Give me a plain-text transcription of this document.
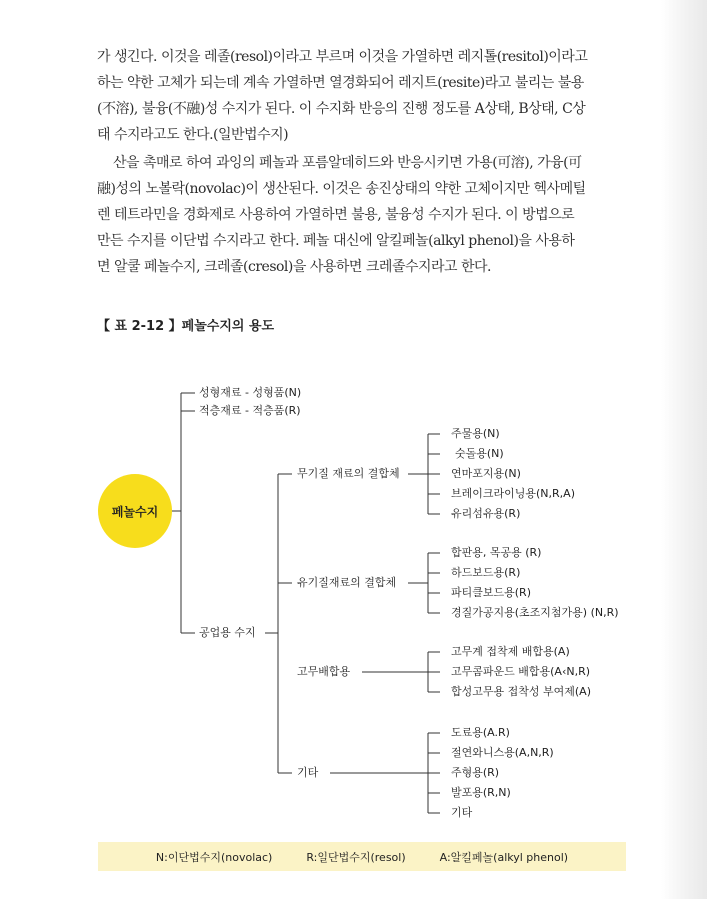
가 생긴다. 이것을 레졸(resol)이라고 부르며 이것을 가열하면 레지톨(resitol)이라고
하는 약한 고체가 되는데 계속 가열하면 열경화되어 레지트(resite)라고 불리는 불용
(不溶), 불융(不融)성 수지가 된다. 이 수지화 반응의 진행 정도를 A상태, B상태, C상
태 수지라고도 한다.(일반법수지)
산을 촉매로 하여 과잉의 페놀과 포름알데히드와 반응시키면 가용(可溶), 가융(可
融)성의 노볼락(novolac)이 생산된다. 이것은 송진상태의 약한 고체이지만 헥사메틸
렌 테트라민을 경화제로 사용하여 가열하면 불용, 불융성 수지가 된다. 이 방법으로
만든 수지를 이단법 수지라고 한다. 페놀 대신에 알킬페놀(alkyl phenol)을 사용하
면 알쿨 페놀수지, 크레졸(cresol)을 사용하면 크레졸수지라고 한다.
【 표 2-12 】페놀수지의 용도
페놀수지
성형재료 - 성형품(N)
적층재료 - 적층품(R)
공업용 수지
무기질 재료의 결합체
유기질재료의 결합체
고무배합용
기타
주물용(N)
숫돌용(N)
연마포지용(N)
브레이크라이닝용(N,R,A)
유리섬유용(R)
합판용, 목공용 (R)
하드보드용(R)
파티클보드용(R)
경질가공지용(초조지첨가용) (N,R)
고무계 접착제 배합용(A)
고무콤파운드 배합용(A‹N,R)
합성고무용 접착성 부여제(A)
도료용(A.R)
절연와니스용(A,N,R)
주형용(R)
발포용(R,N)
기타
N:이단법수지(novolac)	R:일단법수지(resol)	A:알킬페놀(alkyl phenol)
